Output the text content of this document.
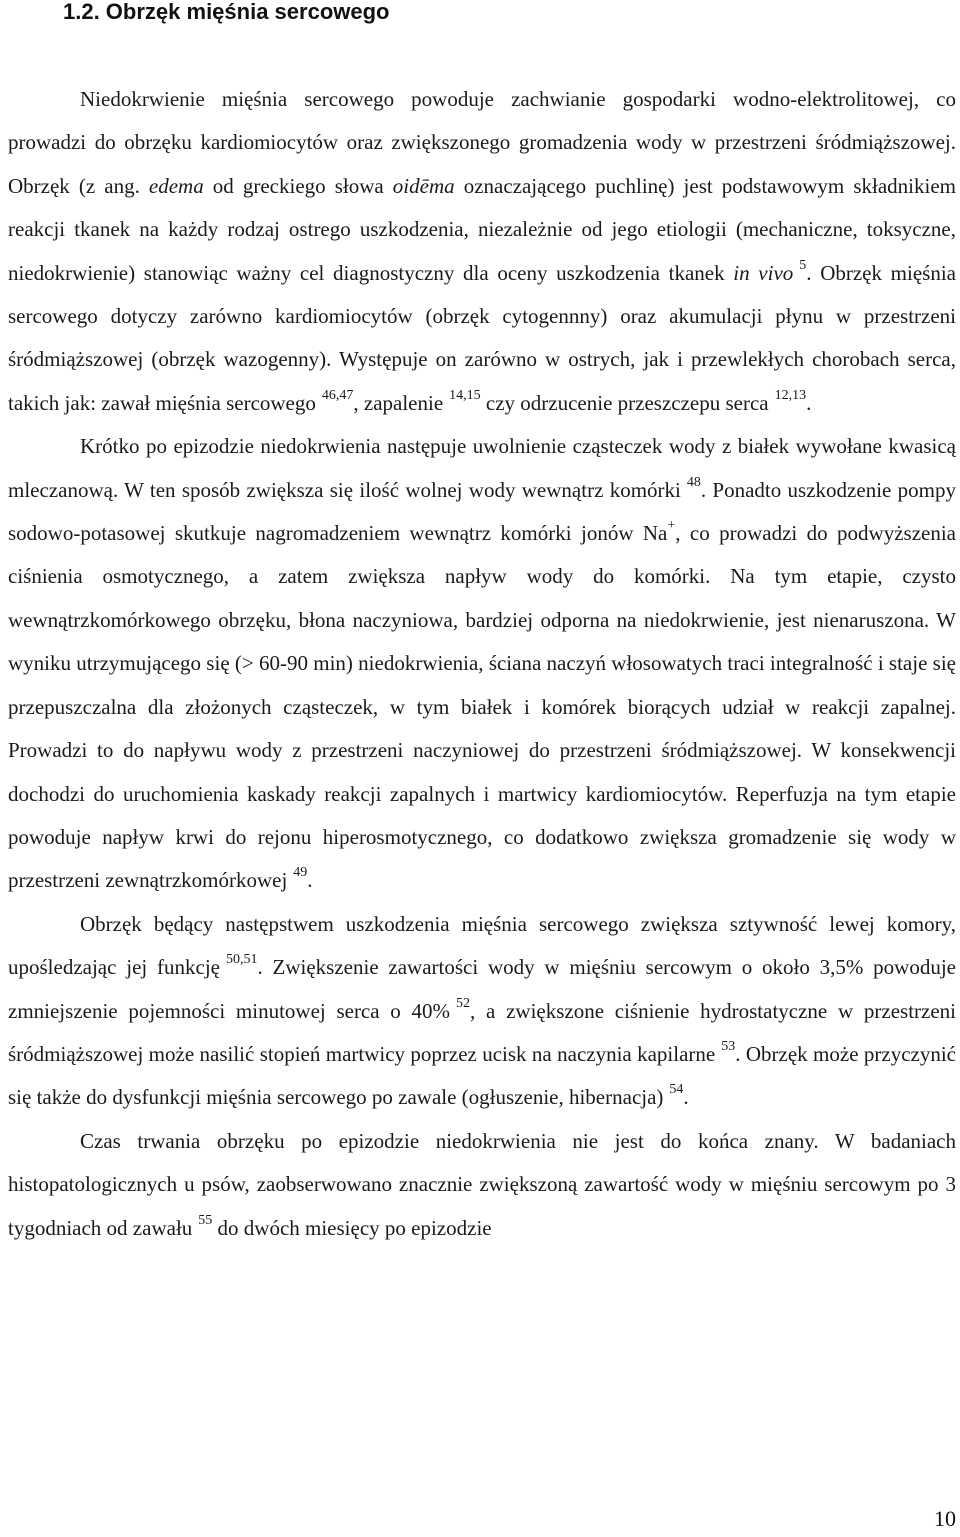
1.2. Obrzęk mięśnia sercowego

Niedokrwienie mięśnia sercowego powoduje zachwianie gospodarki wodno-elektrolitowej, co prowadzi do obrzęku kardiomiocytów oraz zwiększonego gromadzenia wody w przestrzeni śródmiąższowej. Obrzęk (z ang. edema od greckiego słowa oidēma oznaczającego puchlinę) jest podstawowym składnikiem reakcji tkanek na każdy rodzaj ostrego uszkodzenia, niezależnie od jego etiologii (mechaniczne, toksyczne, niedokrwienie) stanowiąc ważny cel diagnostyczny dla oceny uszkodzenia tkanek in vivo $^5$. Obrzęk mięśnia sercowego dotyczy zarówno kardiomiocytów (obrzęk cytogennny) oraz akumulacji płynu w przestrzeni śródmiąższowej (obrzęk wazogenny). Występuje on zarówno w ostrych, jak i przewlekłych chorobach serca, takich jak: zawał mięśnia sercowego $^{46,47}$, zapalenie $^{14,15}$ czy odrzucenie przeszczepu serca $^{12,13}$.

Krótko po epizodzie niedokrwienia następuje uwolnienie cząsteczek wody z białek wywołane kwasicą mleczanową. W ten sposób zwiększa się ilość wolnej wody wewnątrz komórki $^{48}$. Ponadto uszkodzenie pompy sodowo-potasowej skutkuje nagromadzeniem wewnątrz komórki jonów Na+, co prowadzi do podwyższenia ciśnienia osmotycznego, a zatem zwiększa napływ wody do komórki. Na tym etapie, czysto wewnątrzkomórkowego obrzęku, błona naczyniowa, bardziej odporna na niedokrwienie, jest nienaruszona. W wyniku utrzymującego się (> 60-90 min) niedokrwienia, ściana naczyń włosowatych traci integralność i staje się przepuszczalna dla złożonych cząsteczek, w tym białek i komórek biorących udział w reakcji zapalnej. Prowadzi to do napływu wody z przestrzeni naczyniowej do przestrzeni śródmiąższowej. W konsekwencji dochodzi do uruchomienia kaskady reakcji zapalnych i martwicy kardiomiocytów. Reperfuzja na tym etapie powoduje napływ krwi do rejonu hiperosmotycznego, co dodatkowo zwiększa gromadzenie się wody w przestrzeni zewnątrzkomórkowej $^{49}$.

Obrzęk będący następstwem uszkodzenia mięśnia sercowego zwiększa sztywność lewej komory, upośledzając jej funkcję $^{50,51}$. Zwiększenie zawartości wody w mięśniu sercowym o około 3,5% powoduje zmniejszenie pojemności minutowej serca o 40% $^{52}$, a zwiększone ciśnienie hydrostatyczne w przestrzeni śródmiąższowej może nasilić stopień martwicy poprzez ucisk na naczynia kapilarne $^{53}$. Obrzęk może przyczynić się także do dysfunkcji mięśnia sercowego po zawale (ogłuszenie, hibernacja) $^{54}$.

Czas trwania obrzęku po epizodzie niedokrwienia nie jest do końca znany. W badaniach histopatologicznych u psów, zaobserwowano znacznie zwiększoną zawartość wody w mięśniu sercowym po 3 tygodniach od zawału $^{55}$ do dwóch miesięcy po epizodzie

10
